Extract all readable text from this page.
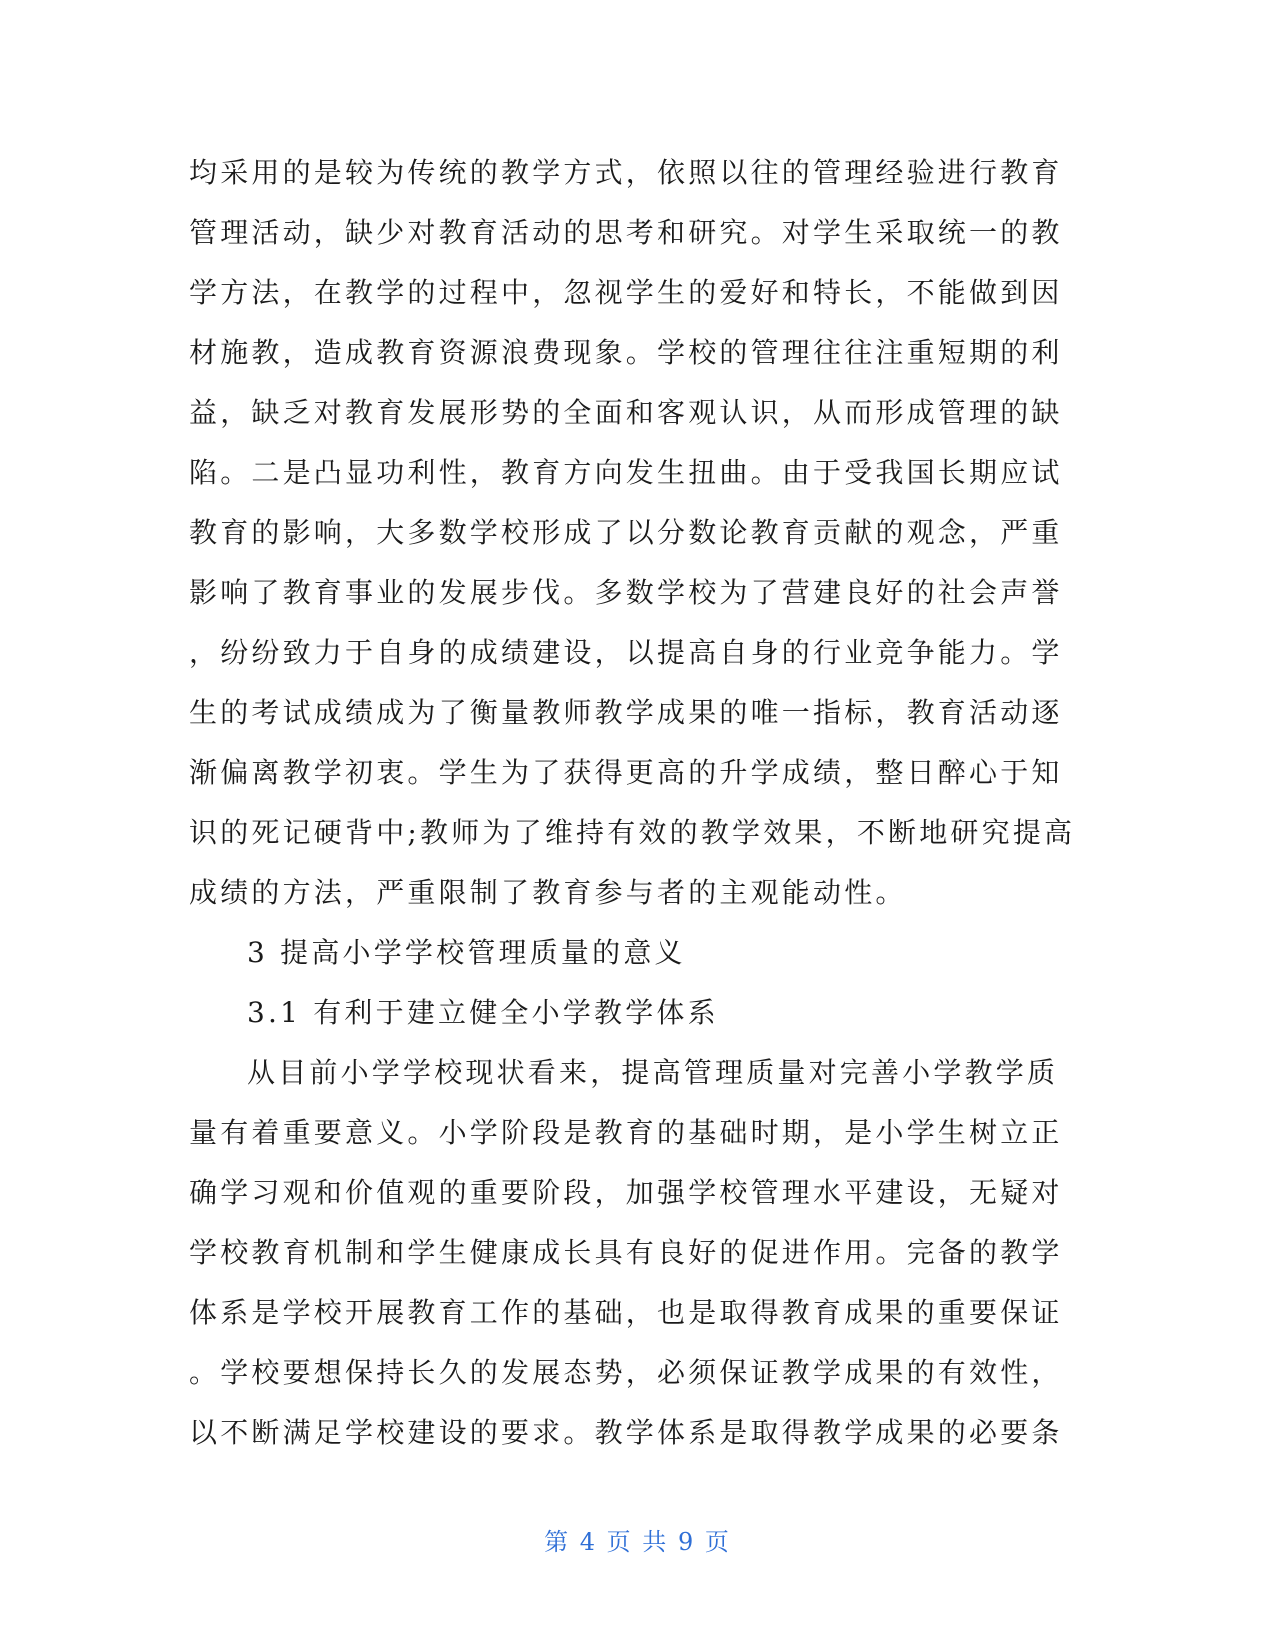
均采用的是较为传统的教学方式，依照以往的管理经验进行教育
管理活动，缺少对教育活动的思考和研究。对学生采取统一的教
学方法，在教学的过程中，忽视学生的爱好和特长，不能做到因
材施教，造成教育资源浪费现象。学校的管理往往注重短期的利
益，缺乏对教育发展形势的全面和客观认识，从而形成管理的缺
陷。二是凸显功利性，教育方向发生扭曲。由于受我国长期应试
教育的影响，大多数学校形成了以分数论教育贡献的观念，严重
影响了教育事业的发展步伐。多数学校为了营建良好的社会声誉
，纷纷致力于自身的成绩建设，以提高自身的行业竞争能力。学
生的考试成绩成为了衡量教师教学成果的唯一指标，教育活动逐
渐偏离教学初衷。学生为了获得更高的升学成绩，整日醉心于知
识的死记硬背中;教师为了维持有效的教学效果，不断地研究提高
成绩的方法，严重限制了教育参与者的主观能动性。
3 提高小学学校管理质量的意义
3.1 有利于建立健全小学教学体系
从目前小学学校现状看来，提高管理质量对完善小学教学质
量有着重要意义。小学阶段是教育的基础时期，是小学生树立正
确学习观和价值观的重要阶段，加强学校管理水平建设，无疑对
学校教育机制和学生健康成长具有良好的促进作用。完备的教学
体系是学校开展教育工作的基础，也是取得教育成果的重要保证
。学校要想保持长久的发展态势，必须保证教学成果的有效性，
以不断满足学校建设的要求。教学体系是取得教学成果的必要条
第 4 页 共 9 页
